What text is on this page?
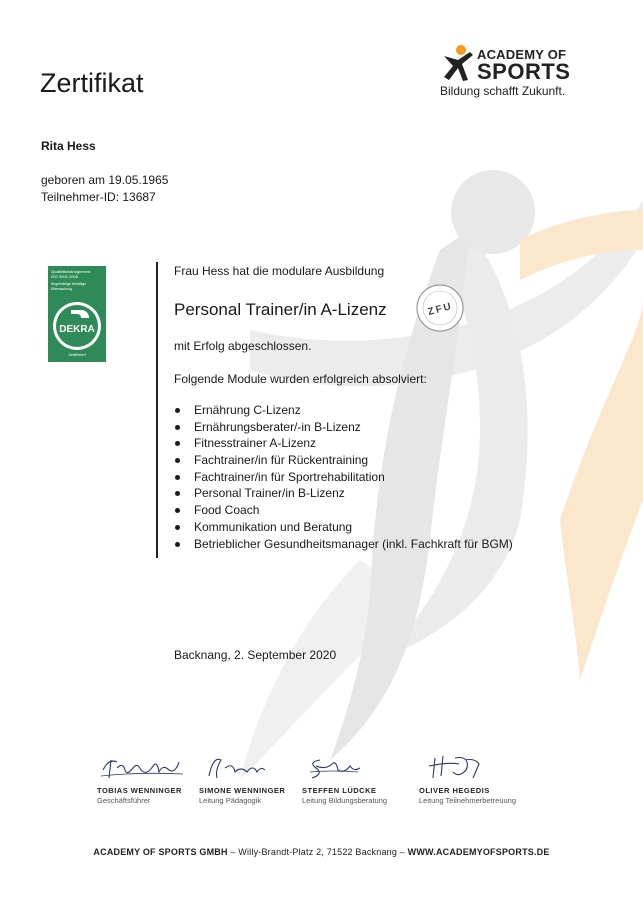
Zertifikat
ACADEMY OF
SPORTS
Bildung schafft Zukunft.
Rita Hess
geboren am 19.05.1965
Teilnehmer-ID: 13687
Qualitätsmanagement
ISO 9001:2008
Regelmäßige freiwillige
Überwachung
DEKRA
Zertifiziert
Frau Hess hat die modulare Ausbildung
Personal Trainer/in A-Lizenz
mit Erfolg abgeschlossen.
Folgende Module wurden erfolgreich absolviert:
Ernährung C-Lizenz
Ernährungsberater/-in B-Lizenz
Fitnesstrainer A-Lizenz
Fachtrainer/in für Rückentraining
Fachtrainer/in für Sportrehabilitation
Personal Trainer/in B-Lizenz
Food Coach
Kommunikation und Beratung
Betrieblicher Gesundheitsmanager (inkl. Fachkraft für BGM)
ZFU
Backnang, 2. September 2020
TOBIAS WENNINGER
Geschäftsführer
SIMONE WENNINGER
Leitung Pädagogik
STEFFEN LÜDCKE
Leitung Bildungsberatung
OLIVER HEGEDIS
Leitung Teilnehmerbetreuung
ACADEMY OF SPORTS GMBH – Willy-Brandt-Platz 2, 71522 Backnang – WWW.ACADEMYOFSPORTS.DE
